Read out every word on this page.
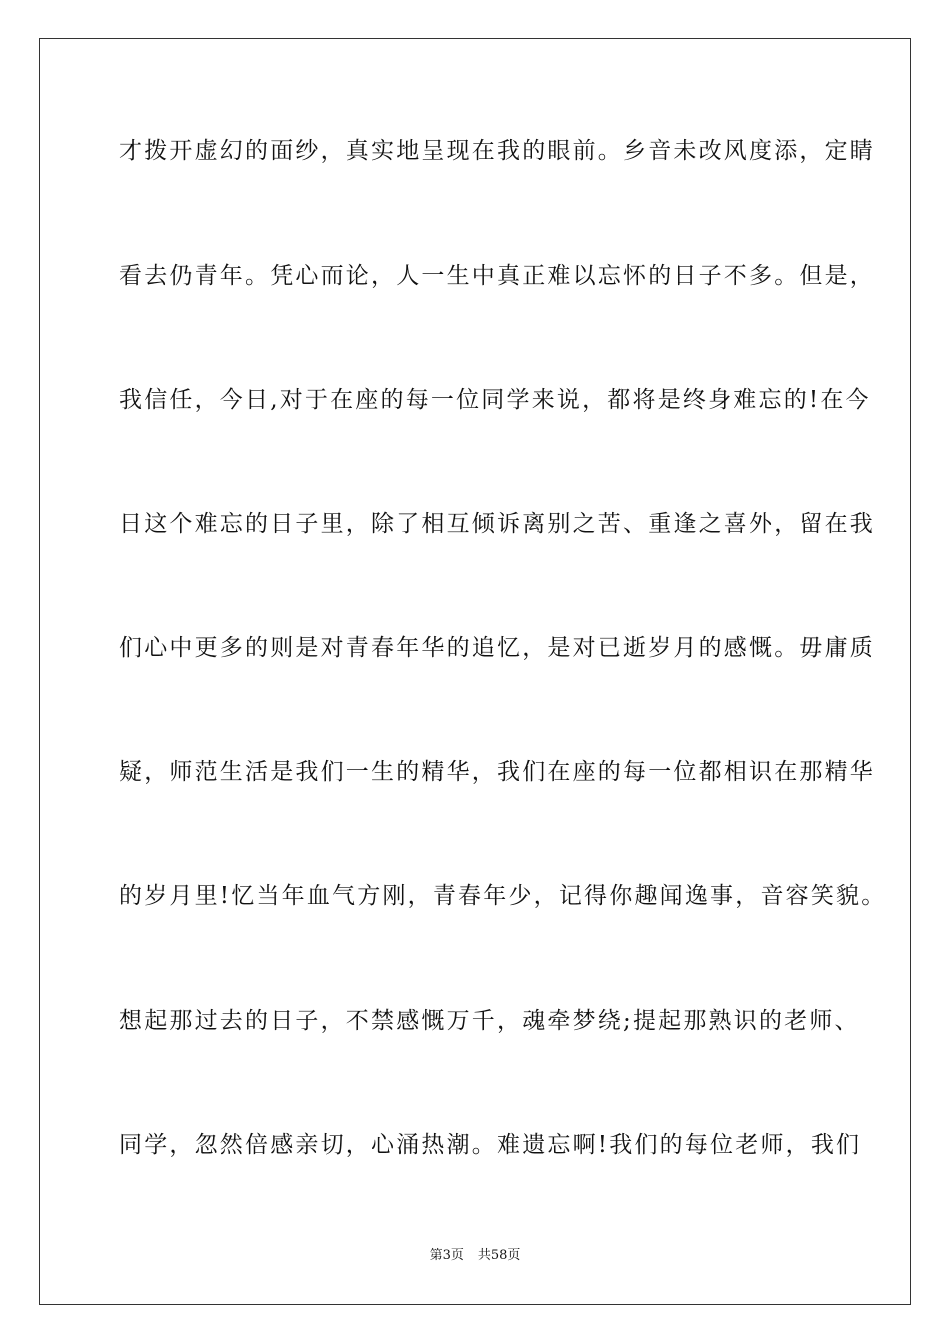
才拨开虚幻的面纱，真实地呈现在我的眼前。乡音未改风度添，定睛
看去仍青年。凭心而论，人一生中真正难以忘怀的日子不多。但是，
我信任，今日,对于在座的每一位同学来说，都将是终身难忘的!在今
日这个难忘的日子里，除了相互倾诉离别之苦、重逢之喜外，留在我
们心中更多的则是对青春年华的追忆，是对已逝岁月的感慨。毋庸质
疑，师范生活是我们一生的精华，我们在座的每一位都相识在那精华
的岁月里!忆当年血气方刚，青春年少，记得你趣闻逸事，音容笑貌。
想起那过去的日子，不禁感慨万千，魂牵梦绕;提起那熟识的老师、
同学，忽然倍感亲切，心涌热潮。难遗忘啊!我们的每位老师，我们
第3页 共58页
